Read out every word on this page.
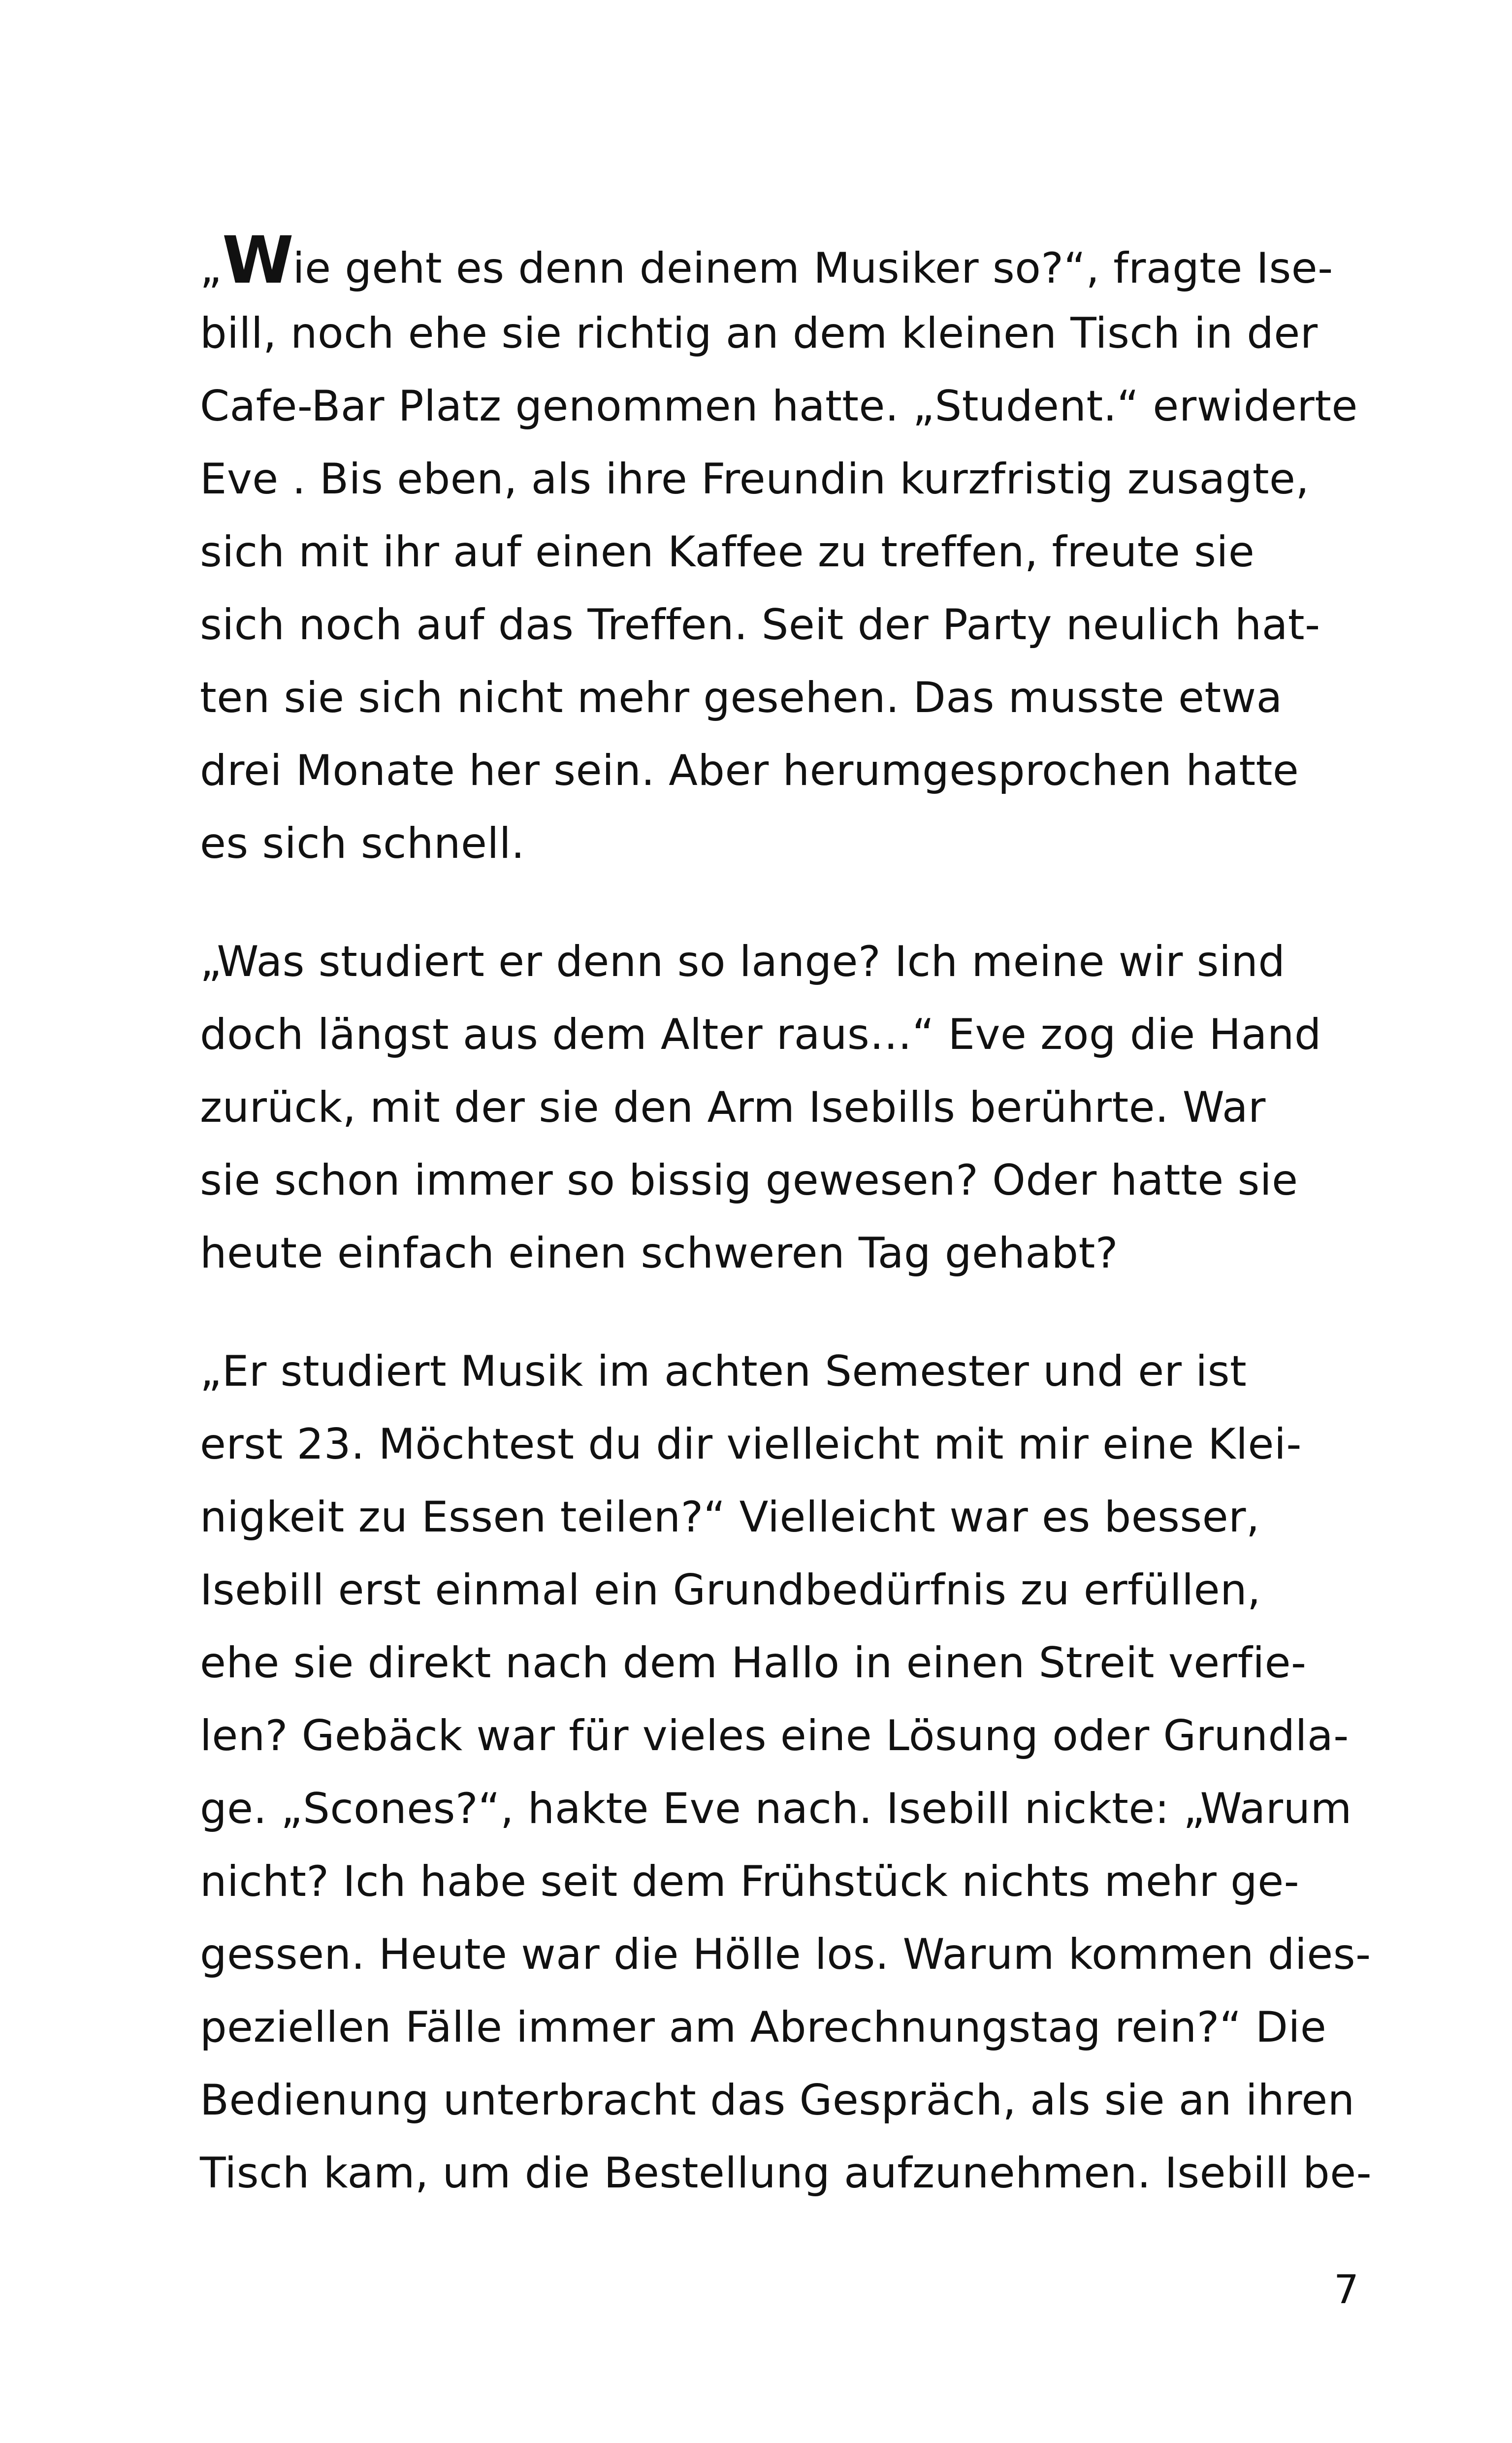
„Wie geht es denn deinem Musiker so?“, fragte Ise-
bill, noch ehe sie richtig an dem kleinen Tisch in der
Cafe-Bar Platz genommen hatte. „Student.“ erwiderte
Eve . Bis eben, als ihre Freundin kurzfristig zusagte,
sich mit ihr auf einen Kaffee zu treffen, freute sie
sich noch auf das Treffen. Seit der Party neulich hat-
ten sie sich nicht mehr gesehen. Das musste etwa
drei Monate her sein. Aber herumgesprochen hatte
es sich schnell.
„Was studiert er denn so lange? Ich meine wir sind
doch längst aus dem Alter raus…“ Eve zog die Hand
zurück, mit der sie den Arm Isebills berührte. War
sie schon immer so bissig gewesen? Oder hatte sie
heute einfach einen schweren Tag gehabt?
„Er studiert Musik im achten Semester und er ist
erst 23. Möchtest du dir vielleicht mit mir eine Klei-
nigkeit zu Essen teilen?“ Vielleicht war es besser,
Isebill erst einmal ein Grundbedürfnis zu erfüllen,
ehe sie direkt nach dem Hallo in einen Streit verfie-
len? Gebäck war für vieles eine Lösung oder Grundla-
ge. „Scones?“, hakte Eve nach. Isebill nickte: „Warum
nicht? Ich habe seit dem Frühstück nichts mehr ge-
gessen. Heute war die Hölle los. Warum kommen dies-
peziellen Fälle immer am Abrechnungstag rein?“ Die
Bedienung unterbracht das Gespräch, als sie an ihren
Tisch kam, um die Bestellung aufzunehmen. Isebill be-
7
